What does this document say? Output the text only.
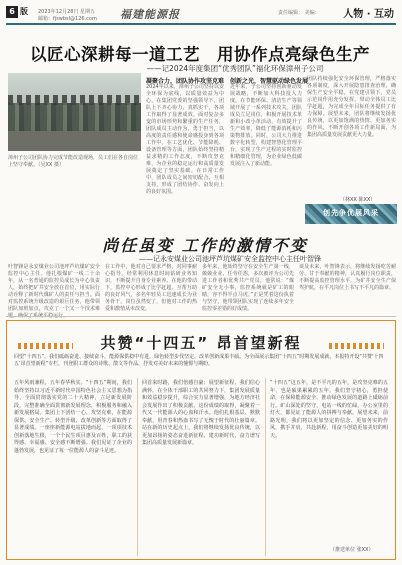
6 版 2023年12月28日 星期五
邮箱：fjswbsl@126.com 福建能源报	责任编辑： 美编： 人物 · 互动
以匠心深耕每一道工艺　用协作点亮绿色生产
——记2024年度集团“优秀团队”福化环保漳州子公司
漳州子公司团队协力完成节能改造现场，员工们在各自岗位上坚守奉献。（吴XX 摄）
凝聚合力，团队协作攻坚克难
2024年以来，漳州子公司坚持以安全环保为底线，以质量效益为中心，在集团党委的坚强领导下，团队上下齐心协力，真抓实干，各项工作取得了显著成效。面对复杂多变的市场形势和繁重的生产任务，团队成员主动作为，勇于担当，以高度的责任感和使命感投身到各项工作中。在工艺优化、节能降耗、设备管理等方面，团队始终坚持精益求精的工作态度，不断攻坚克难，为企业的稳定运行和高质量发展奠定了坚实基础。在日常工作中，团队成员之间密切配合、互相支持，形成了团结协作、奋发向上的良好氛围。
创新之光，智慧驱动绿色发展
近年来，子公司坚持创新驱动发展战略，不断加大科技投入力度，在节能环保、清洁生产等领域开展了一系列技术攻关。团队成员立足岗位，积极开展技术革新和小改小革活动，有效提升了生产效率，降低了能源消耗和污染物排放。同时，公司大力推进数字化转型，构建智慧化管理平台，实现了生产过程的实时监控和精细化管理，为企业绿色低碳发展注入了新动能。
团队持续强化安全环保管理，严格落实各项制度，深入开展隐患排查治理，确保生产安全平稳。在党建引领下，党员示范岗作用充分发挥，带动全体员工比学赶超，为完成全年目标任务提供了有力保障。展望未来，团队将继续发扬优良传统，以更加饱满的热情、更加务实的作风，不断开创各项工作新局面，为集团高质量发展贡献更大力量。
（林XX 陈XX）
创先争优展风采
尚任虽变 工作的激情不变
——记永安煤业公司池坪芦坑煤矿安全监控中心主任叶智锋
叶智锋是永安煤业公司池坪芦坑煤矿安全监控中心主任。他扎根煤矿一线二十余年，从一名普通的监控员成长为中心负责人，始终把矿井安全放在首位，用实际行动诠释了新时代煤矿人的责任与担当。面对监控系统升级改造的艰巨任务，他带领团队加班加点，攻克了一个又一个技术难
在工作中，他对自己要求严格，对同事耐心指导，经常利用休息时间钻研业务知识，不断提升自身专业素养。在他的带动下，监控中心形成了比学赶超、互帮互助的良好风气，多名年轻员工迅速成长为业务骨干。岗位虽然变了，但他对工作的热爱和激情从未改变。
多年来，他始终坚守在安全生产第一线，兢兢业业、任劳任怨，多次被评为公司先进工作者和优秀共产党员。他常说：“煤矿安全无小事，监控系统就是矿工的眼睛，容不得半点马虎。”正是凭着这份执着与坚守，他带领团队实现了连续多年安全监控零差错的好成绩。
谈及未来，叶智锋表示，将继续发扬吃苦耐劳、甘于奉献的精神，认真履行岗位职责，不断提高监控管理水平，为矿井安全生产保驾护航，在平凡岗位上书写不平凡的篇章。
共赞“十四五” 昂首望新程
回望“十四五”，我们砥砺奋进、接续奋斗，能源保供稳中有进，绿色转型步伐坚定，改革创新成果丰硕。为全面展示集团“十四五”时期发展成就，本报特开设“共赞‘十四五’昂首望新程”专栏，刊登职工群众的诗歌、散文等作品，抒发对美好未来的憧憬与期盼。
五年风雨兼程，五年春华秋实。“十四五”期间，我们始终坚持以习近平新时代中国特色社会主义思想为指导，全面贯彻落实党的二十大精神，立足新发展阶段，完整准确全面贯彻新发展理念，积极服务和融入新发展格局。集团上下团结一心、攻坚克难，在能源保供、安全生产、转型升级、改革创新等方面取得了显著成绩。一座座新能源电站拔地而起，一项项技术创新落地生根，一个个民生项目惠及百姓，职工的获得感、幸福感、安全感不断增强。我们见证了企业的蓬勃发展，也见证了每一位能源人的奋斗足迹。
回首来时路，我们倍感自豪；展望新征程，我们信心满怀。在全体干部职工的共同努力下，集团发展质量和效益稳步提升，综合实力显著增强，为地方经济社会发展作出了积极贡献。这份成绩的取得，凝聚着一代又一代能源人的心血和汗水。他们扎根基层、默默奉献，用青春和热血书写了无愧于时代的壮丽篇章。站在新的历史起点上，我们将继续发扬优良传统，以更加昂扬的姿态奋进新征程、建功新时代，奋力谱写集团高质量发展新篇章。
“十四五”这五年，是不平凡的五年，是攻坚克难的五年，也是硕果累累的五年。我们坚守初心，勇担使命，在保障能源安全、推动绿色发展的道路上砥砺前行。矿山深处的坚守，电站一线的忙碌，办公室里的灯火，都见证了能源人的拼搏与奉献。展望未来，前路光明，我们将以更加坚定的信念、更加务实的作风，携手并肩，共赴新程，用奋斗创造更加美好的明天。
（推送单位 张XX）
